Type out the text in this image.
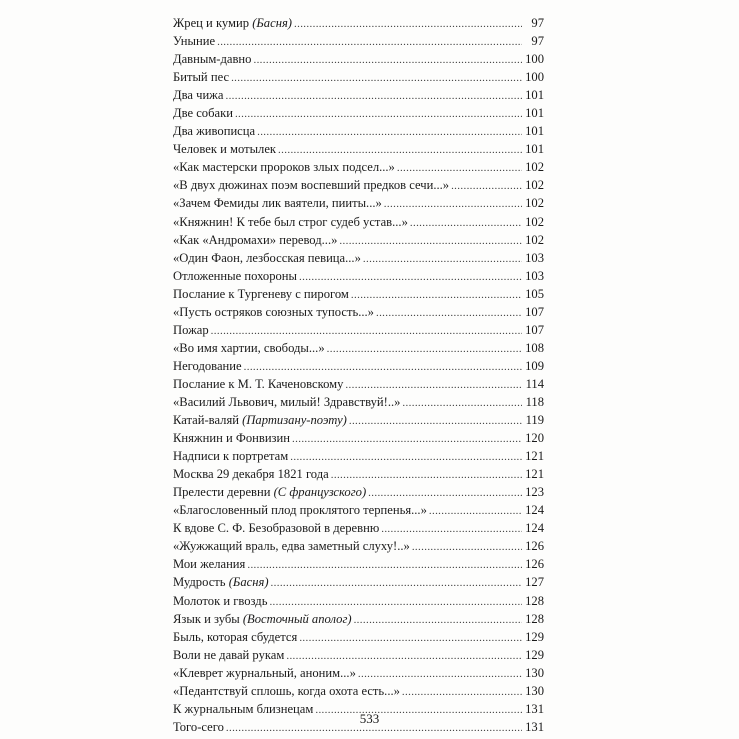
Жрец и кумир (Басня) . . .	97
Уныние . . .	97
Давным-давно . . .	100
Битый пес . . .	100
Два чижа . . .	101
Две собаки . . .	101
Два живописца . . .	101
Человек и мотылек . . .	101
«Как мастерски пророков злых подсел...» . . .	102
«В двух дюжинах поэм воспевший предков сечи...» . . .	102
«Зачем Фемиды лик ваятели, пииты...» . . .	102
«Княжнин! К тебе был строг судеб устав...» . . .	102
«Как «Андромахи» перевод...» . . .	102
«Один Фаон, лезбосская певица...» . . .	103
Отложенные похороны . . .	103
Послание к Тургеневу с пирогом . . .	105
«Пусть остряков союзных тупость...» . . .	107
Пожар . . .	107
«Во имя хартии, свободы...» . . .	108
Негодование . . .	109
Послание к М. Т. Каченовскому . . .	114
«Василий Львович, милый! Здравствуй!..» . . .	118
Катай-валяй (Партизану-поэту) . . .	119
Княжнин и Фонвизин . . .	120
Надписи к портретам . . .	121
Москва 29 декабря 1821 года . . .	121
Прелести деревни (С французского) . . .	123
«Благословенный плод проклятого терпенья...» . . .	124
К вдове С. Ф. Безобразовой в деревню . . .	124
«Жужжащий враль, едва заметный слуху!..» . . .	126
Мои желания . . .	126
Мудрость (Басня) . . .	127
Молоток и гвоздь . . .	128
Язык и зубы (Восточный аполог) . . .	128
Быль, которая сбудется . . .	129
Воли не давай рукам . . .	129
«Клеврет журнальный, аноним...» . . .	130
«Педантствуй сплошь, когда охота есть...» . . .	130
К журнальным близнецам . . .	131
Того-сего . . .	131
533
